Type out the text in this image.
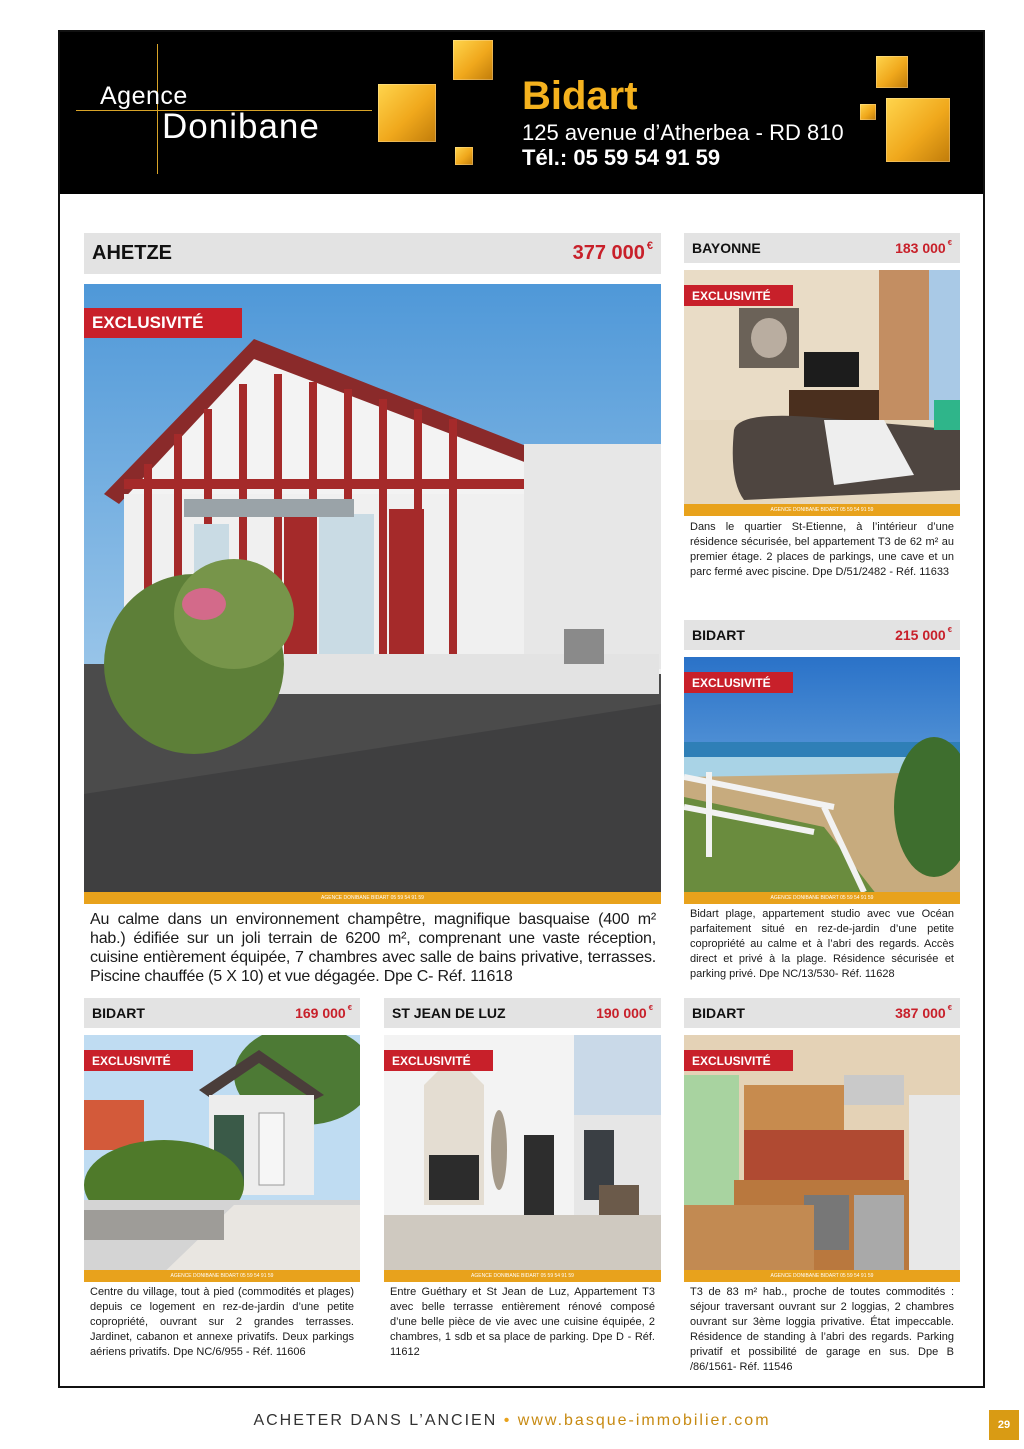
Agence
Donibane
Bidart
125 avenue d’Atherbea - RD 810
Tél.: 05 59 54 91 59
AHETZE	377 000 €
EXCLUSIVITÉ
AGENCE DONIBANE BIDART 05 59 54 91 59
Au calme dans un environnement champêtre, magnifique basquaise (400 m² hab.) édifiée sur un joli terrain de 6200 m², comprenant une vaste réception, cuisine entièrement équipée, 7 chambres avec salle de bains privative, terrasses. Piscine chauffée (5 X 10) et vue dégagée. Dpe C- Réf. 11618
BAYONNE	183 000 €
EXCLUSIVITÉ
AGENCE DONIBANE BIDART 05 59 54 91 59
Dans le quartier St-Etienne, à l’intérieur d’une résidence sécurisée, bel appartement T3 de 62 m² au premier étage. 2 places de parkings, une cave et un parc fermé avec piscine. Dpe D/51/2482 - Réf. 11633
BIDART	215 000 €
EXCLUSIVITÉ
AGENCE DONIBANE BIDART 05 59 54 91 59
Bidart plage, appartement studio avec vue Océan parfaitement situé en rez-de-jardin d’une petite copropriété au calme et à l’abri des regards. Accès direct et privé à la plage. Résidence sécurisée et parking privé. Dpe NC/13/530- Réf. 11628
BIDART	169 000 €
EXCLUSIVITÉ
AGENCE DONIBANE BIDART 05 59 54 91 59
Centre du village, tout à pied (commodités et plages) depuis ce logement en rez-de-jardin d’une petite copropriété, ouvrant sur 2 grandes terrasses. Jardinet, cabanon et annexe privatifs. Deux parkings aériens privatifs. Dpe NC/6/955 - Réf. 11606
ST JEAN DE LUZ	190 000 €
EXCLUSIVITÉ
AGENCE DONIBANE BIDART 05 59 54 91 59
Entre Guéthary et St Jean de Luz, Appartement T3 avec belle terrasse entièrement rénové composé d’une belle pièce de vie avec une cuisine équipée, 2 chambres, 1 sdb et sa place de parking. Dpe D - Réf. 11612
BIDART	387 000 €
EXCLUSIVITÉ
AGENCE DONIBANE BIDART 05 59 54 91 59
T3 de 83 m² hab., proche de toutes commodités : séjour traversant ouvrant sur 2 loggias, 2 chambres ouvrant sur 3ème loggia privative. État impeccable. Résidence de standing à l’abri des regards. Parking privatif et possibilité de garage en sus. Dpe B /86/1561- Réf. 11546
ACHETER DANS L’ANCIEN • www.basque-immobilier.com	29
